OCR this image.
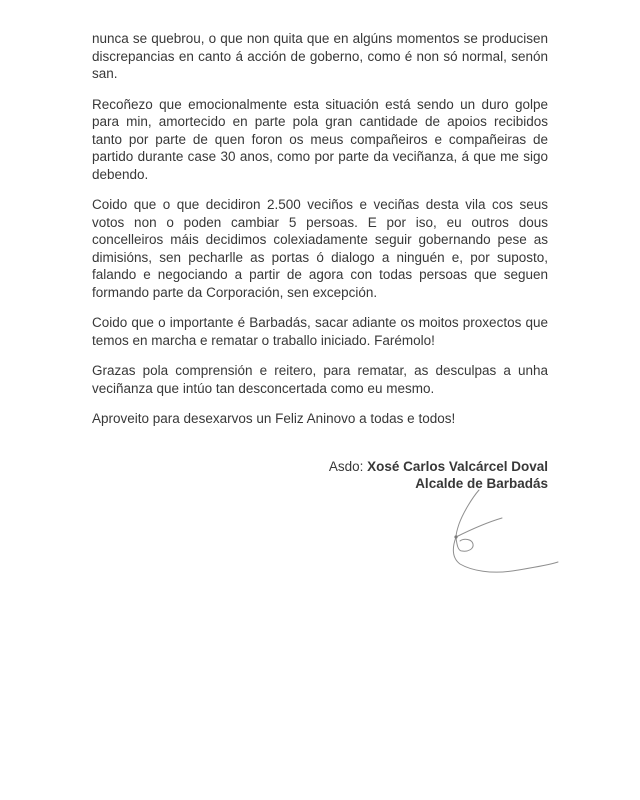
nunca se quebrou, o que non quita que en algúns momentos se producisen discrepancias en canto á acción de goberno, como é non só normal, senón san.

Recoñezo que emocionalmente esta situación está sendo un duro golpe para min, amortecido en parte pola gran cantidade de apoios recibidos tanto por parte de quen foron os meus compañeiros e compañeiras de partido durante case 30 anos, como por parte da veciñanza, á que me sigo debendo.

Coido que o que decidiron 2.500 veciños e veciñas desta vila cos seus votos non o poden cambiar 5 persoas. E por iso, eu outros dous concelleiros máis decidimos colexiadamente seguir gobernando pese as dimisións, sen pecharlle as portas ó dialogo a ninguén e, por suposto, falando e negociando a partir de agora con todas persoas que seguen formando parte da Corporación, sen excepción.

Coido que o importante é Barbadás, sacar adiante os moitos proxectos que temos en marcha e rematar o traballo iniciado. Farémolo!

Grazas pola comprensión e reitero, para rematar, as desculpas a unha veciñanza que intúo tan desconcertada como eu mesmo.

Aproveito para desexarvos un Feliz Aninovo a todas e todos!

Asdo: Xosé Carlos Valcárcel Doval
Alcalde de Barbadás
